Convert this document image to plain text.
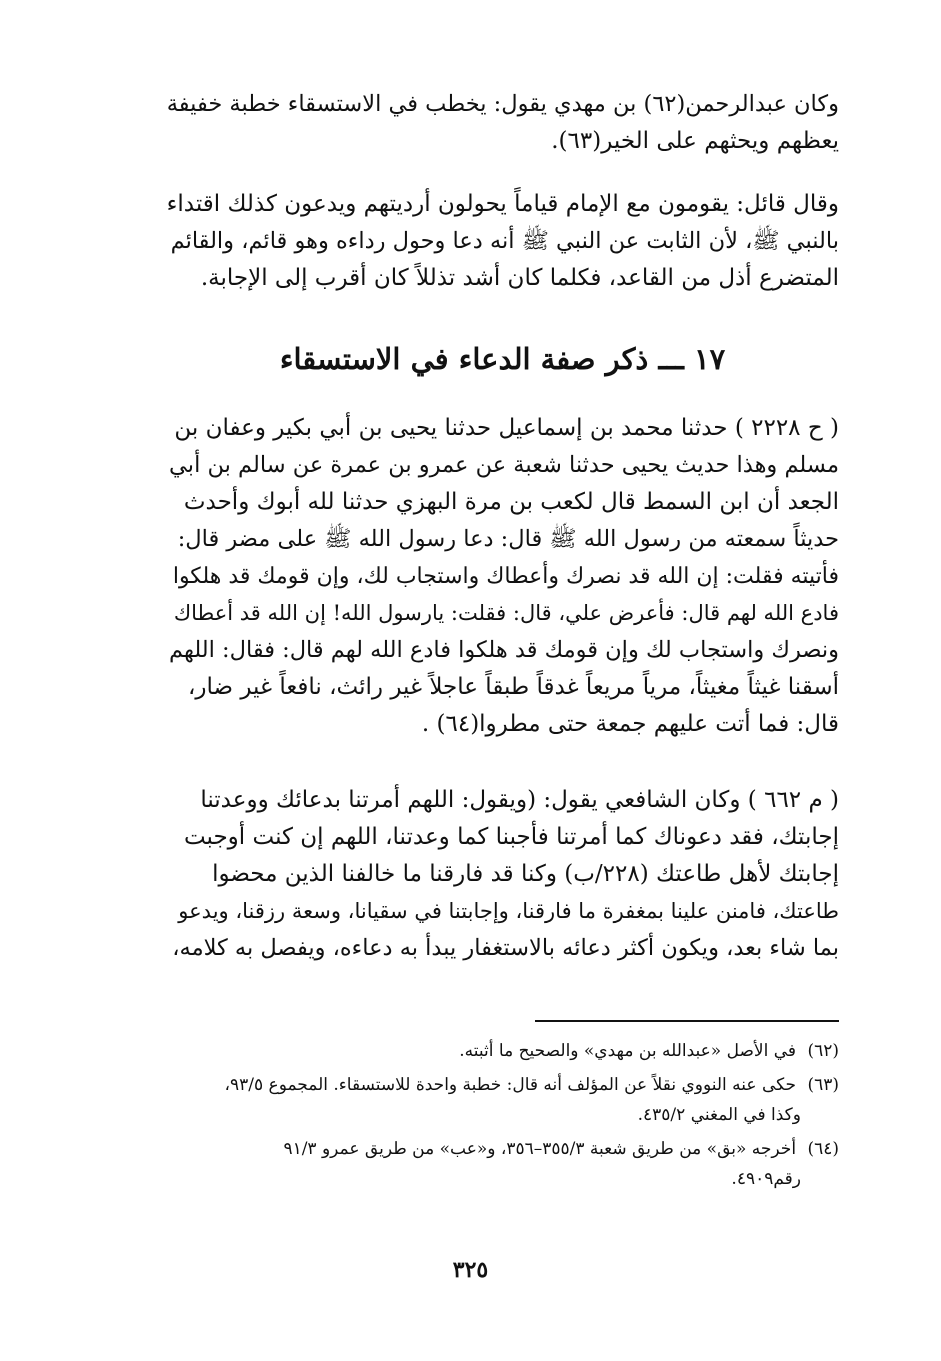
وكان عبدالرحمن(٦٢) بن مهدي يقول: يخطب في الاستسقاء خطبة خفيفة
يعظهم ويحثهم على الخير(٦٣).

وقال قائل: يقومون مع الإمام قياماً يحولون أرديتهم ويدعون كذلك اقتداء
بالنبي ﷺ، لأن الثابت عن النبي ﷺ أنه دعا وحول رداءه وهو قائم، والقائم
المتضرع أذل من القاعد، فكلما كان أشد تذللاً كان أقرب إلى الإجابة.

١٧ ـــ ذكر صفة الدعاء في الاستسقاء

( ح ٢٢٢٨ ) حدثنا محمد بن إسماعيل حدثنا يحيى بن أبي بكير وعفان بن
مسلم وهذا حديث يحيى حدثنا شعبة عن عمرو بن عمرة عن سالم بن أبي
الجعد أن ابن السمط قال لكعب بن مرة البهزي حدثنا لله أبوك وأحدث
حديثاً سمعته من رسول الله ﷺ قال: دعا رسول الله ﷺ على مضر قال:
فأتيته فقلت: إن الله قد نصرك وأعطاك واستجاب لك، وإن قومك قد هلكوا
فادع الله لهم قال: فأعرض علي، قال: فقلت: يارسول الله! إن الله قد أعطاك
ونصرك واستجاب لك وإن قومك قد هلكوا فادع الله لهم قال: فقال: اللهم
أسقنا غيثاً مغيثاً، مرياً مريعاً غدقاً طبقاً عاجلاً غير رائث، نافعاً غير ضار،
قال: فما أتت عليهم جمعة حتى مطروا(٦٤) .

( م ٦٦٢ ) وكان الشافعي يقول: (ويقول: اللهم أمرتنا بدعائك ووعدتنا
إجابتك، فقد دعوناك كما أمرتنا فأجبنا كما وعدتنا، اللهم إن كنت أوجبت
إجابتك لأهل طاعتك (٢٢٨/ب) وكنا قد فارقنا ما خالفنا الذين محضوا
طاعتك، فامنن علينا بمغفرة ما فارقنا، وإجابتنا في سقيانا، وسعة رزقنا، ويدعو
بما شاء بعد، ويكون أكثر دعائه بالاستغفار يبدأ به دعاءه، ويفصل به كلامه،

(٦٢) في الأصل «عبدالله بن مهدي» والصحيح ما أثبته.
(٦٣) حكى عنه النووي نقلاً عن المؤلف أنه قال: خطبة واحدة للاستسقاء. المجموع ٩٣/٥،
وكذا في المغني ٤٣٥/٢.
(٦٤) أخرجه «بق» من طريق شعبة ٣٥٥/٣–٣٥٦، و«عب» من طريق عمرو ٩١/٣
رقم٤٩٠٩.
٣٢٥
